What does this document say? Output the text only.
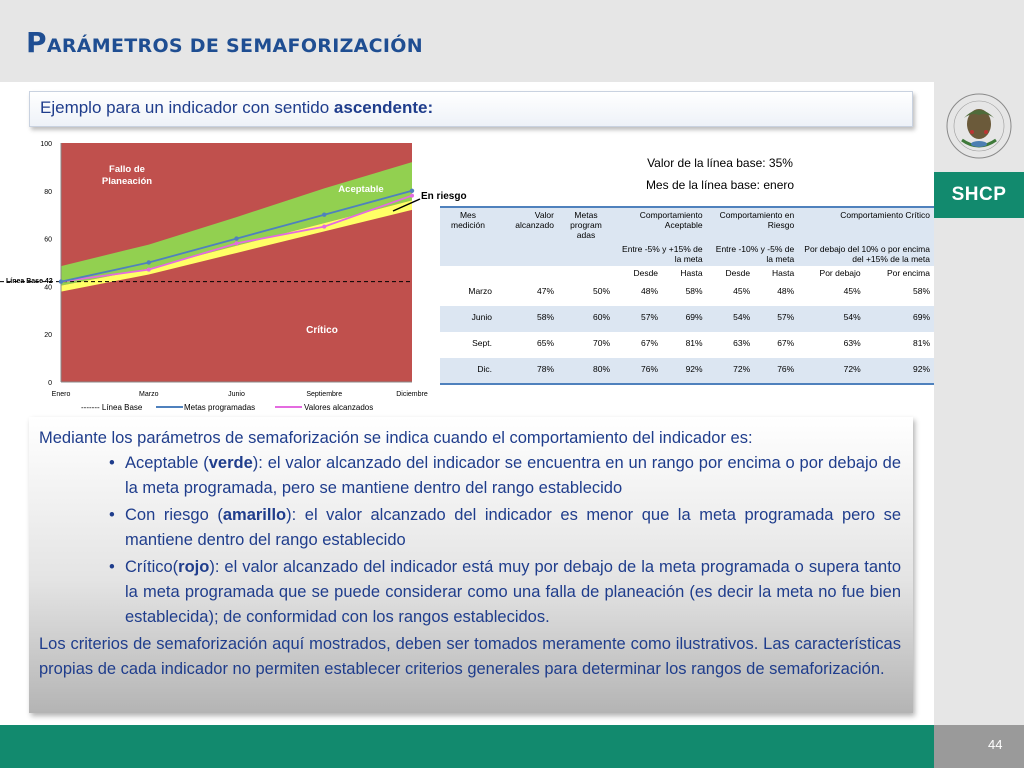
PARÁMETROS DE SEMAFORIZACIÓN
SHCP
Ejemplo para un indicador con sentido ascendente:
0
20
40
60
80
100
Enero	Marzo	Junio	Septiembre	Diciembre
Fallo de
Planeación
Aceptable
Crítico
En riesgo
Línea Base 42
------- Línea Base	Metas programadas	Valores alcanzados
Valor de la línea base: 35%
Mes de la línea base: enero
Mes medición	Valor alcanzado	Metas program adas	Comportamiento Aceptable		Comportamiento en Riesgo		Comportamiento Crítico	
			Entre -5% y +15% de la meta		Entre -10% y -5% de la meta		Por debajo del 10% o por encima del +15% de la meta	
			Desde	Hasta	Desde	Hasta	Por debajo	Por encima
Marzo	47%	50%	48%	58%	45%	48%	45%	58%
Junio	58%	60%	57%	69%	54%	57%	54%	69%
Sept.	65%	70%	67%	81%	63%	67%	63%	81%
Dic.	78%	80%	76%	92%	72%	76%	72%	92%

Mediante los parámetros de semaforización se indica cuando el comportamiento del indicador es:

• Aceptable (verde): el valor alcanzado del indicador se encuentra en un rango por encima o por debajo de la meta programada, pero se mantiene dentro del rango establecido
• Con riesgo (amarillo): el valor alcanzado del indicador es menor que la meta programada pero se mantiene dentro del rango establecido
• Crítico(rojo): el valor alcanzado del indicador está muy por debajo de la meta programada o supera tanto la meta programada que se puede considerar como una falla de planeación (es decir la meta no fue bien establecida); de conformidad con los rangos establecidos.

Los criterios de semaforización aquí mostrados, deben ser tomados meramente como ilustrativos. Las características propias de cada indicador no permiten establecer criterios generales para determinar los rangos de semaforización.

44
